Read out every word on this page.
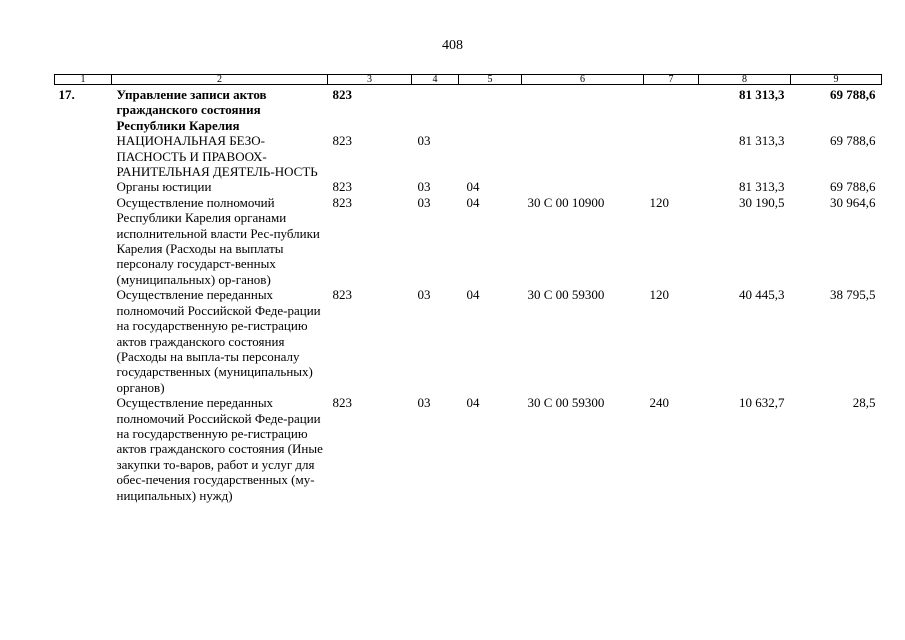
408
1	2	3	4	5	6	7	8	9
17.	Управление записи актов гражданского состояния Республики Карелия	823					81 313,3	69 788,6
	НАЦИОНАЛЬНАЯ БЕЗО-ПАСНОСТЬ И ПРАВООХ-РАНИТЕЛЬНАЯ ДЕЯТЕЛЬ-НОСТЬ	823	03				81 313,3	69 788,6
	Органы юстиции	823	03	04			81 313,3	69 788,6
	Осуществление полномочий Республики Карелия органами исполнительной власти Рес-публики Карелия (Расходы на выплаты персоналу государст-венных (муниципальных) ор-ганов)	823	03	04	30 С 00 10900	120	30 190,5	30 964,6
	Осуществление переданных полномочий Российской Феде-рации на государственную ре-гистрацию актов гражданского состояния (Расходы на выпла-ты персоналу государственных (муниципальных) органов)	823	03	04	30 С 00 59300	120	40 445,3	38 795,5
	Осуществление переданных полномочий Российской Феде-рации на государственную ре-гистрацию актов гражданского состояния (Иные закупки то-варов, работ и услуг для обес-печения государственных (му-ниципальных) нужд)	823	03	04	30 С 00 59300	240	10 632,7	28,5
